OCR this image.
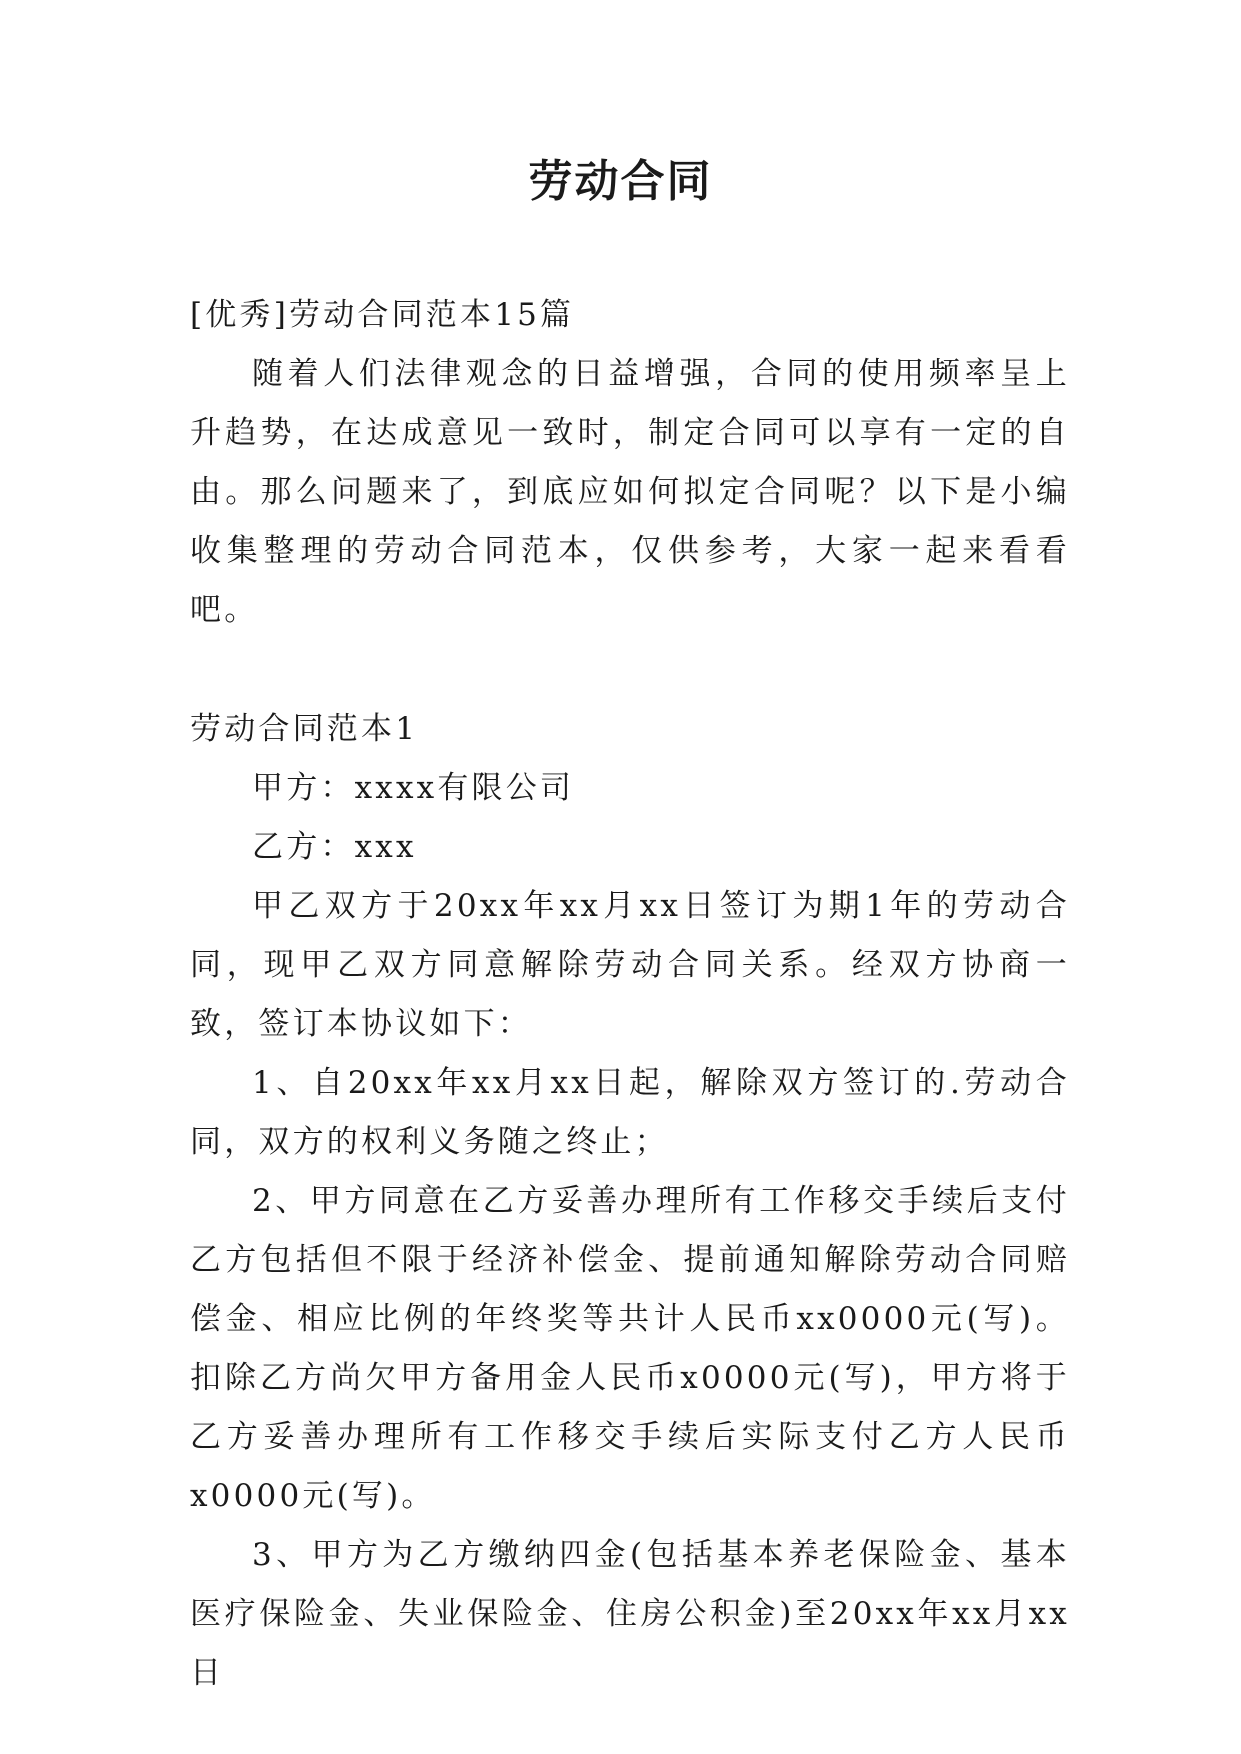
劳动合同

[优秀]劳动合同范本15篇

随着人们法律观念的日益增强，合同的使用频率呈上升趋势，在达成意见一致时，制定合同可以享有一定的自由。那么问题来了，到底应如何拟定合同呢？以下是小编收集整理的劳动合同范本，仅供参考，大家一起来看看吧。

劳动合同范本1

甲方：xxxx有限公司

乙方：xxx

甲乙双方于20xx年xx月xx日签订为期1年的劳动合同，现甲乙双方同意解除劳动合同关系。经双方协商一致，签订本协议如下：

1、自20xx年xx月xx日起，解除双方签订的.劳动合同，双方的权利义务随之终止；

2、甲方同意在乙方妥善办理所有工作移交手续后支付乙方包括但不限于经济补偿金、提前通知解除劳动合同赔偿金、相应比例的年终奖等共计人民币xx0000元(写)。扣除乙方尚欠甲方备用金人民币x0000元(写)，甲方将于乙方妥善办理所有工作移交手续后实际支付乙方人民币x0000元(写)。

3、甲方为乙方缴纳四金(包括基本养老保险金、基本医疗保险金、失业保险金、住房公积金)至20xx年xx月xx日
